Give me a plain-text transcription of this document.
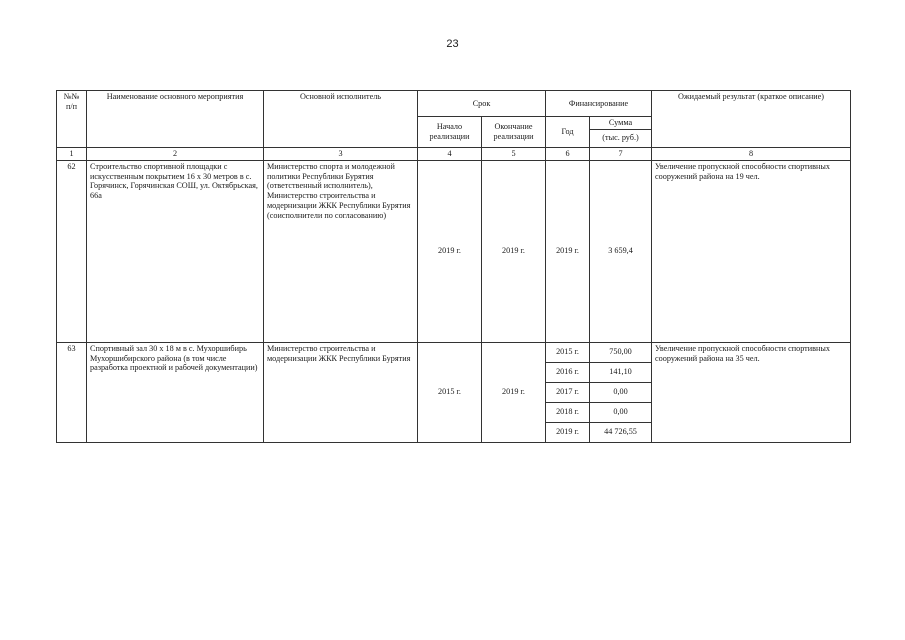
23
№№ п/п	Наименование основного мероприятия	Основной исполнитель	Срок		Финансирование		Ожидаемый результат (краткое описание)
			Начало реализации	Окончание реализации	Год	Сумма	
						(тыс. руб.)	
1	2	3	4	5	6	7	8
62	Строительство спортивной площадки с искусственным покрытием 16 х 30 метров в с. Горячинск, Горячинская СОШ, ул. Октябрьская, 66а	Министерство спорта и молодежной политики Республики Бурятия (ответственный исполнитель), Министерство строительства и модернизации ЖКК Республики Бурятия (соисполнители по согласованию)	2019 г.	2019 г.	2019 г.	3 659,4	Увеличение пропускной способности спортивных сооружений района на 19 чел.
63	Спортивный зал 30 х 18 м в с. Мухоршибирь Мухоршибирского района (в том числе разработка проектной и рабочей документации)	Министерство строительства и модернизации ЖКК Республики Бурятия	2015 г.	2019 г.	2015 г.	750,00	Увеличение пропускной способности спортивных сооружений района на 35 чел.
					2016 г.	141,10	
					2017 г.	0,00	
					2018 г.	0,00	
					2019 г.	44 726,55	
